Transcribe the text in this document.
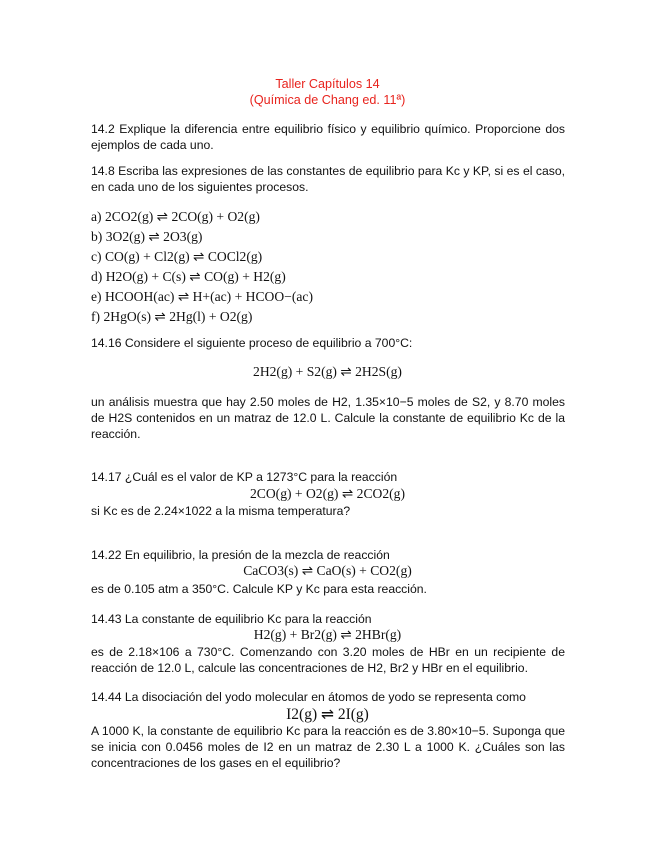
Taller Capítulos 14
(Química de Chang ed. 11ª)
14.2 Explique la diferencia entre equilibrio físico y equilibrio químico. Proporcione dos ejemplos de cada uno.
14.8 Escriba las expresiones de las constantes de equilibrio para Kc y KP, si es el caso, en cada uno de los siguientes procesos.
a) 2CO2(g) ⇌ 2CO(g) + O2(g)
b) 3O2(g) ⇌ 2O3(g)
c) CO(g) + Cl2(g) ⇌ COCl2(g)
d) H2O(g) + C(s) ⇌ CO(g) + H2(g)
e) HCOOH(ac) ⇌ H+(ac) + HCOO−(ac)
f) 2HgO(s) ⇌ 2Hg(l) + O2(g)
14.16 Considere el siguiente proceso de equilibrio a 700°C:
2H2(g) + S2(g) ⇌ 2H2S(g)
un análisis muestra que hay 2.50 moles de H2, 1.35×10−5 moles de S2, y 8.70 moles de H2S contenidos en un matraz de 12.0 L. Calcule la constante de equilibrio Kc de la reacción.
14.17 ¿Cuál es el valor de KP a 1273°C para la reacción
2CO(g) + O2(g) ⇌ 2CO2(g)
si Kc es de 2.24×1022 a la misma temperatura?
14.22 En equilibrio, la presión de la mezcla de reacción
CaCO3(s) ⇌ CaO(s) + CO2(g)
es de 0.105 atm a 350°C. Calcule KP y Kc para esta reacción.
14.43 La constante de equilibrio Kc para la reacción
H2(g) + Br2(g) ⇌ 2HBr(g)
es de 2.18×106 a 730°C. Comenzando con 3.20 moles de HBr en un recipiente de reacción de 12.0 L, calcule las concentraciones de H2, Br2 y HBr en el equilibrio.
14.44 La disociación del yodo molecular en átomos de yodo se representa como
I2(g) ⇌ 2I(g)
A 1000 K, la constante de equilibrio Kc para la reacción es de 3.80×10−5. Suponga que se inicia con 0.0456 moles de I2 en un matraz de 2.30 L a 1000 K. ¿Cuáles son las concentraciones de los gases en el equilibrio?
